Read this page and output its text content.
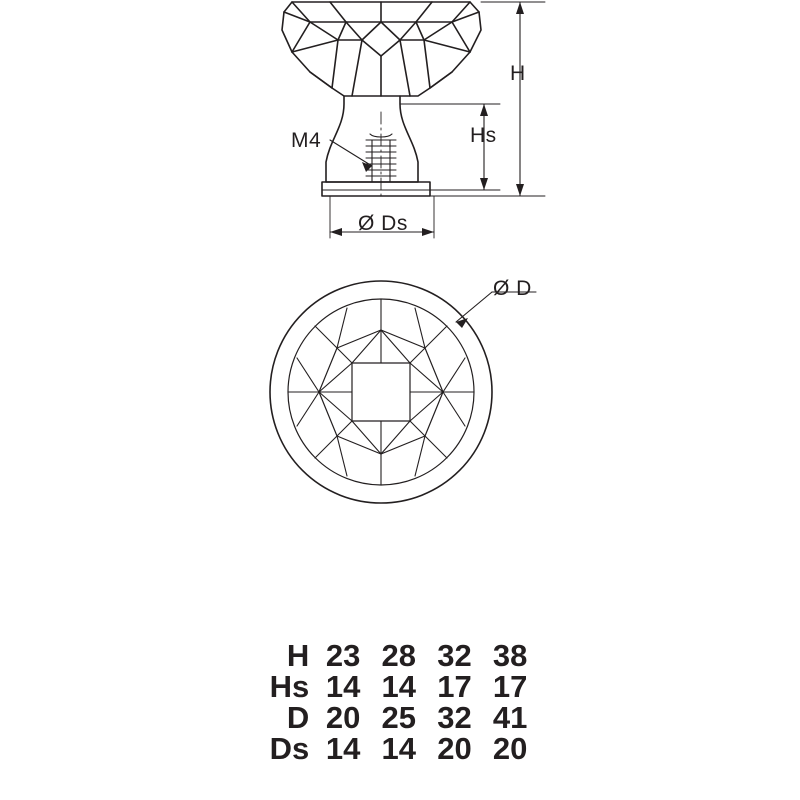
H
Hs
M4
Ø Ds
Ø D
H	23	28	32	38
Hs	14	14	17	17
D	20	25	32	41
Ds	14	14	20	20
